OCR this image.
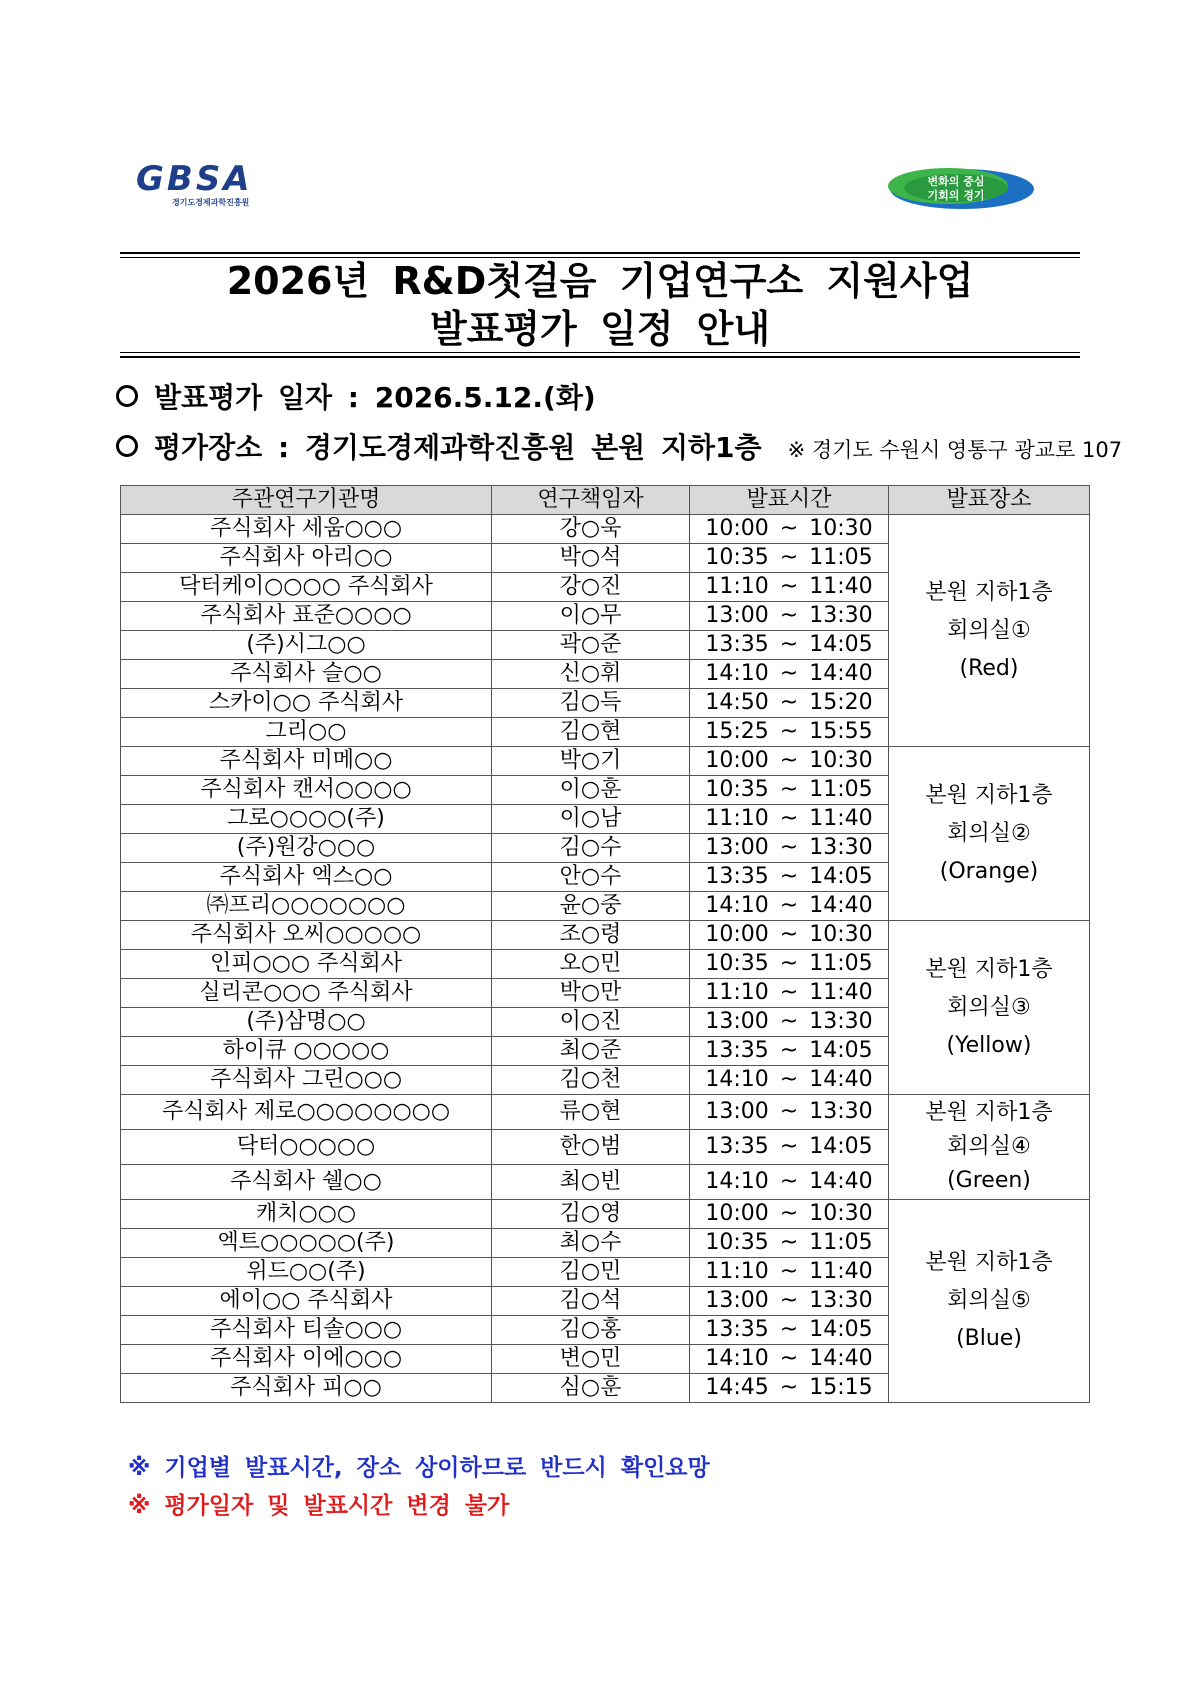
GBSA
경기도경제과학진흥원
변화의 중심
기회의 경기
2026년 R&D첫걸음 기업연구소 지원사업
발표평가 일정 안내
발표평가 일자 : 2026.5.12.(화)
평가장소 : 경기도경제과학진흥원 본원 지하1층 ※ 경기도 수원시 영통구 광교로 107
주관연구기관명	연구책임자	발표시간	발표장소
주식회사 세움○○○	강○욱	10:00 ~ 10:30	본원 지하1층
회의실①
(Red)

주식회사 아리○○	박○석	10:35 ~ 11:05	
닥터케이○○○○ 주식회사	강○진	11:10 ~ 11:40	
주식회사 표준○○○○	이○무	13:00 ~ 13:30	
(주)시그○○	곽○준	13:35 ~ 14:05	
주식회사 슬○○	신○휘	14:10 ~ 14:40	
스카이○○ 주식회사	김○득	14:50 ~ 15:20	
그리○○	김○현	15:25 ~ 15:55	
주식회사 미메○○	박○기	10:00 ~ 10:30	본원 지하1층
회의실②
(Orange)

주식회사 캔서○○○○	이○훈	10:35 ~ 11:05	
그로○○○○(주)	이○남	11:10 ~ 11:40	
(주)원강○○○	김○수	13:00 ~ 13:30	
주식회사 엑스○○	안○수	13:35 ~ 14:05	
㈜프리○○○○○○○	윤○중	14:10 ~ 14:40	
주식회사 오씨○○○○○	조○령	10:00 ~ 10:30	본원 지하1층
회의실③
(Yellow)

인피○○○ 주식회사	오○민	10:35 ~ 11:05	
실리콘○○○ 주식회사	박○만	11:10 ~ 11:40	
(주)삼명○○	이○진	13:00 ~ 13:30	
하이큐 ○○○○○	최○준	13:35 ~ 14:05	
주식회사 그린○○○	김○천	14:10 ~ 14:40	
주식회사 제로○○○○○○○○	류○현	13:00 ~ 13:30	본원 지하1층
회의실④
(Green)

닥터○○○○○	한○범	13:35 ~ 14:05	
주식회사 쉘○○	최○빈	14:10 ~ 14:40	
캐치○○○	김○영	10:00 ~ 10:30	본원 지하1층
회의실⑤
(Blue)

엑트○○○○○(주)	최○수	10:35 ~ 11:05	
위드○○(주)	김○민	11:10 ~ 11:40	
에이○○ 주식회사	김○석	13:00 ~ 13:30	
주식회사 티솔○○○	김○홍	13:35 ~ 14:05	
주식회사 이에○○○	변○민	14:10 ~ 14:40	
주식회사 피○○	심○훈	14:45 ~ 15:15	
※ 기업별 발표시간, 장소 상이하므로 반드시 확인요망
※ 평가일자 및 발표시간 변경 불가
